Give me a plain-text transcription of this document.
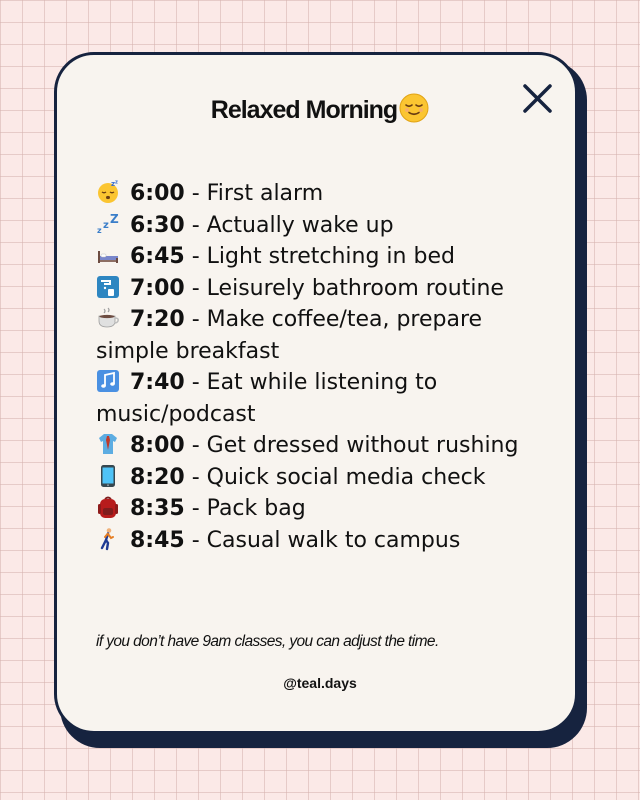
Relaxed Morning
z z 6:00 - First alarm
z z Z 6:30 - Actually wake up
6:45 - Light stretching in bed
7:00 - Leisurely bathroom routine
7:20 - Make coffee/tea, prepare simple breakfast
7:40 - Eat while listening to music/podcast
8:00 - Get dressed without rushing
8:20 - Quick social media check
8:35 - Pack bag
8:45 - Casual walk to campus
if you don’t have 9am classes, you can adjust the time.
@teal.days
